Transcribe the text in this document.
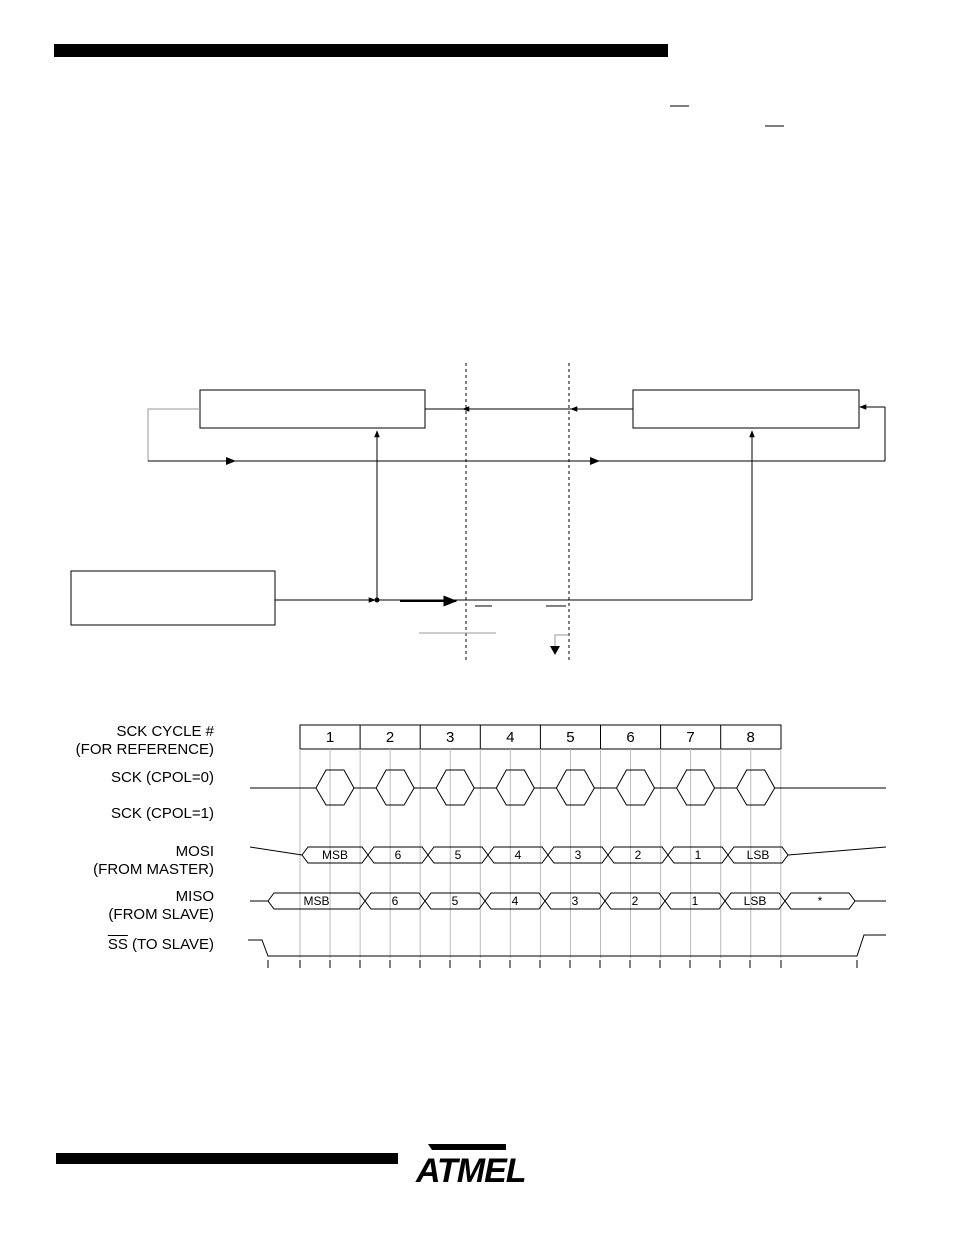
SCK CYCLE #
(FOR REFERENCE)
SCK (CPOL=0)
SCK (CPOL=1)
MOSI
(FROM MASTER)
MISO
(FROM SLAVE)
$\overline{SS}$ (TO SLAVE)
1	2	3	4	5	6	7	8
MSB	6	5	4	3	2	1	LSB
MSB	6	5	4	3	2	1	LSB	*
ATMEL
